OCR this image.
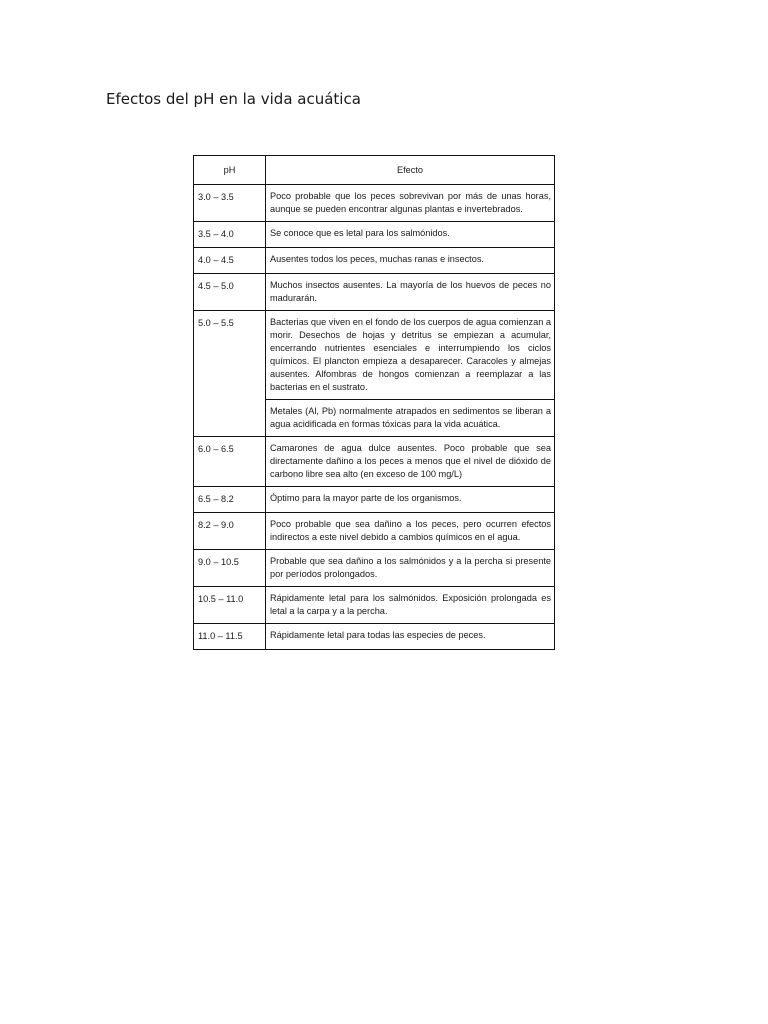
Efectos del pH en la vida acuática
pH	Efecto
3.0 – 3.5	Poco probable que los peces sobrevivan por más de unas horas, aunque se pueden encontrar algunas plantas e invertebrados.
3.5 – 4.0	Se conoce que es letal para los salmónidos.
4.0 – 4.5	Ausentes todos los peces, muchas ranas e insectos.
4.5 – 5.0	Muchos insectos ausentes. La mayoría de los huevos de peces no madurarán.
5.0 – 5.5	Bacterias que viven en el fondo de los cuerpos de agua comienzan a morir. Desechos de hojas y detritus se empiezan a acumular, encerrando nutrientes esenciales e interrumpiendo los ciclos químicos. El plancton empieza a desaparecer. Caracoles y almejas ausentes. Alfombras de hongos comienzan a reemplazar a las bacterias en el sustrato.
	Metales (Al, Pb) normalmente atrapados en sedimentos se liberan a agua acidificada en formas tóxicas para la vida acuática.
6.0 – 6.5	Camarones de agua dulce ausentes. Poco probable que sea directamente dañino a los peces a menos que el nivel de dióxido de carbono libre sea alto (en exceso de 100 mg/L)
6.5 – 8.2	Óptimo para la mayor parte de los organismos.
8.2 – 9.0	Poco probable que sea dañino a los peces, pero ocurren efectos indirectos a este nivel debido a cambios químicos en el agua.
9.0 – 10.5	Probable que sea dañino a los salmónidos y a la percha si presente por períodos prolongados.
10.5 – 11.0	Rápidamente letal para los salmónidos. Exposición prolongada es letal a la carpa y a la percha.
11.0 – 11.5	Rápidamente letal para todas las especies de peces.
